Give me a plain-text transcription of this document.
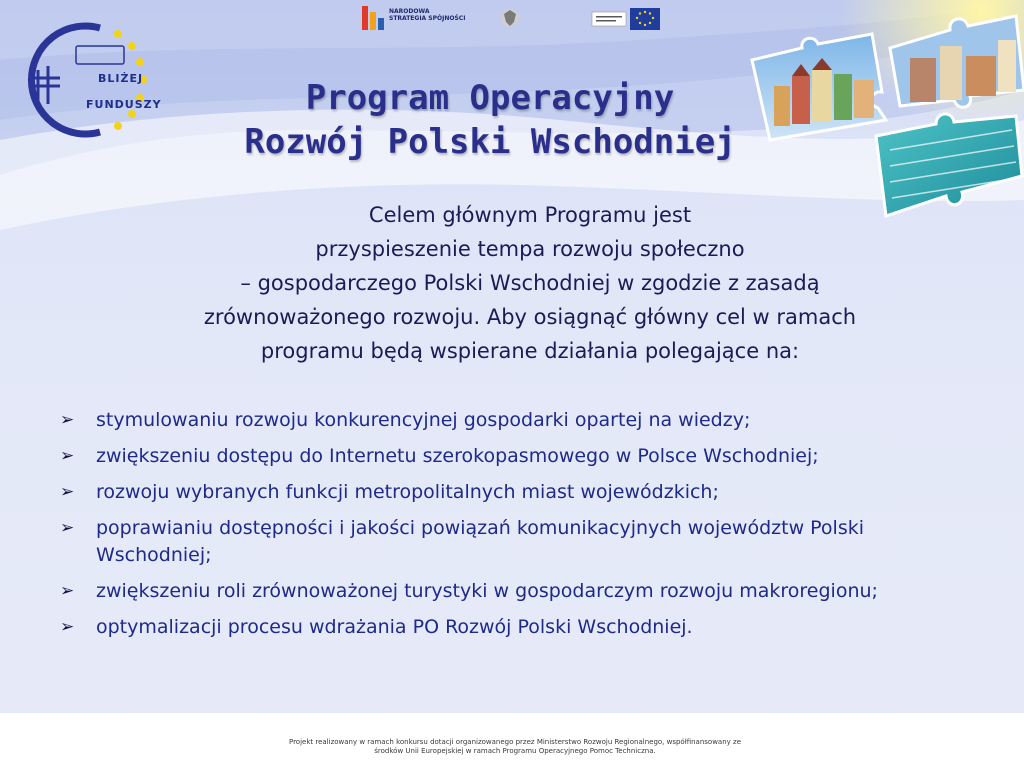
BLIŻEJ
FUNDUSZY	Program Operacyjny
Rozwój Polski Wschodniej
Celem głównym Programu jest
przyspieszenie tempa rozwoju społeczno
– gospodarczego Polski Wschodniej w zgodzie z zasadą
zrównoważonego rozwoju. Aby osiągnąć główny cel w ramach
programu będą wspierane działania polegające na:
➢ stymulowaniu rozwoju konkurencyjnej gospodarki opartej na wiedzy;
➢ zwiększeniu dostępu do Internetu szerokopasmowego w Polsce Wschodniej;
➢ rozwoju wybranych funkcji metropolitalnych miast wojewódzkich;
➢ poprawianiu dostępności i jakości powiązań komunikacyjnych województw Polski Wschodniej;
➢ zwiększeniu roli zrównoważonej turystyki w gospodarczym rozwoju makroregionu;
➢ optymalizacji procesu wdrażania PO Rozwój Polski Wschodniej.
NARODOWA
STRATEGIA SPÓJNOŚCI
Projekt realizowany w ramach konkursu dotacji organizowanego przez Ministerstwo Rozwoju Regionalnego, współfinansowany ze środków Unii Europejskiej w ramach Programu Operacyjnego Pomoc Techniczna.
